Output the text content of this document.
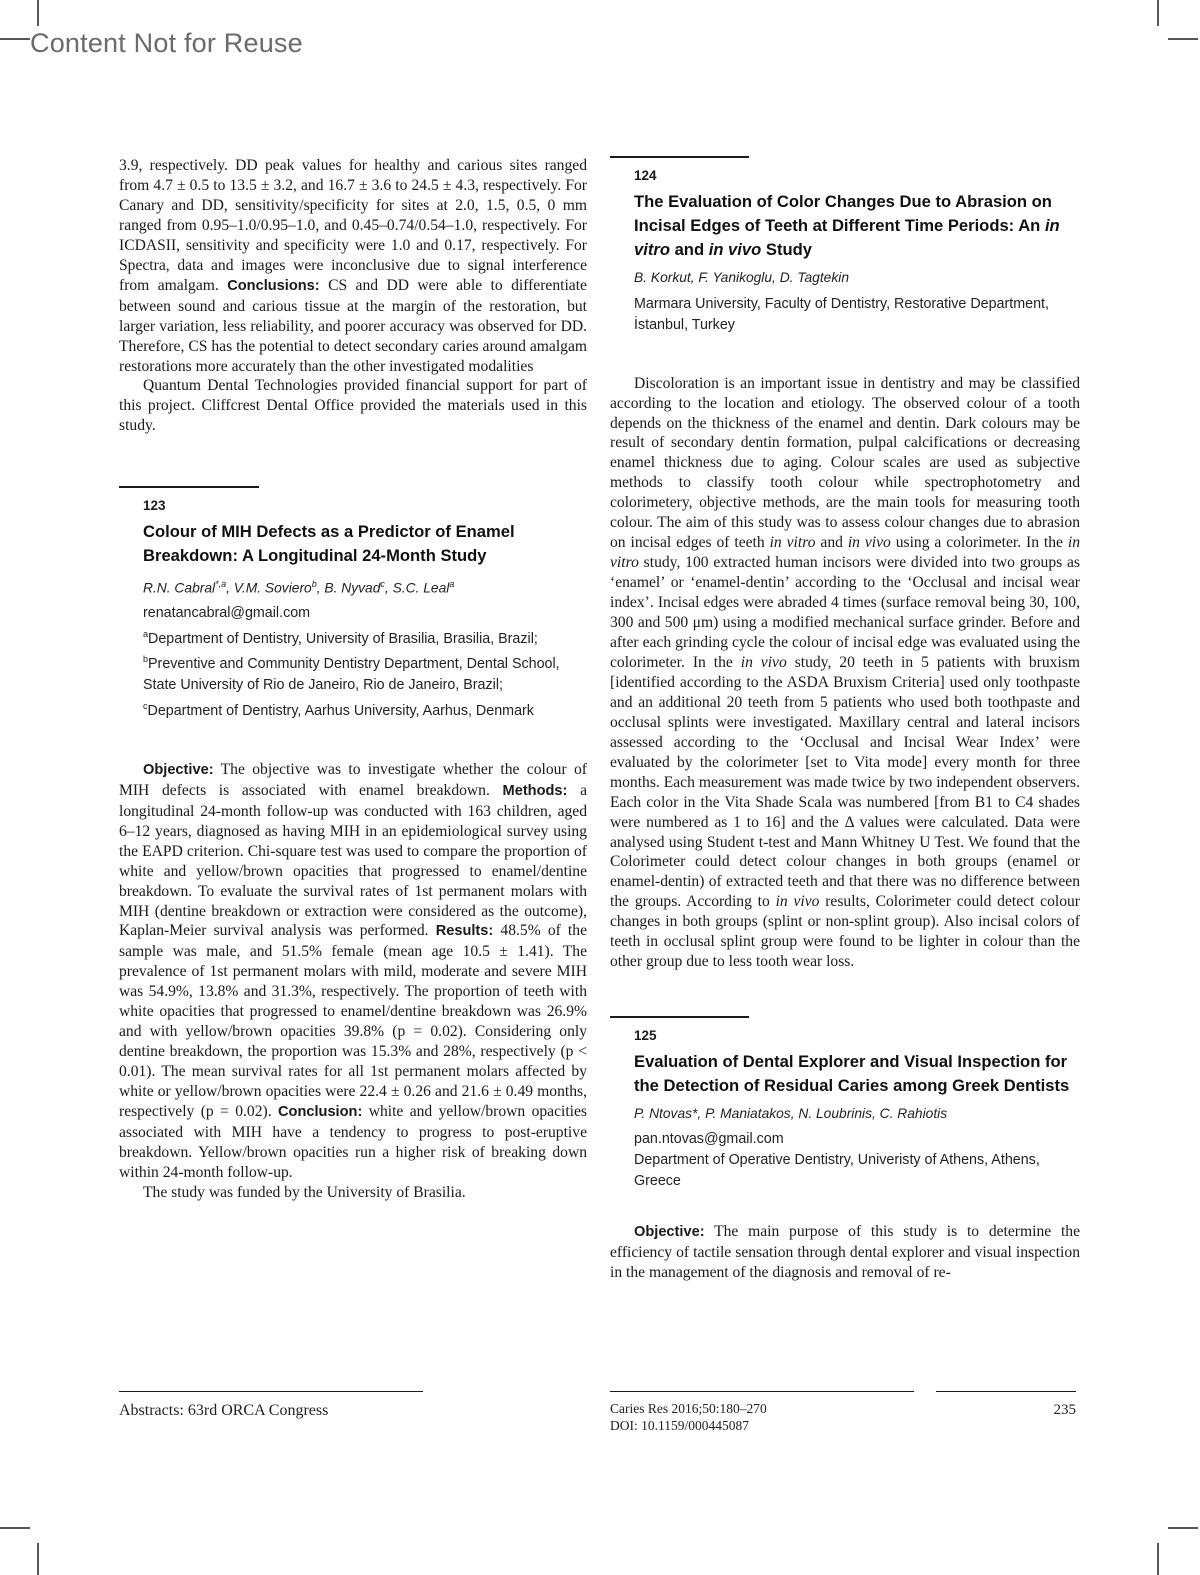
Content Not for Reuse

3.9, respectively. DD peak values for healthy and carious sites ranged from 4.7 ± 0.5 to 13.5 ± 3.2, and 16.7 ± 3.6 to 24.5 ± 4.3, respectively. For Canary and DD, sensitivity/specificity for sites at 2.0, 1.5, 0.5, 0 mm ranged from 0.95–1.0/0.95–1.0, and 0.45–0.74/0.54–1.0, respectively. For ICDASII, sensitivity and specificity were 1.0 and 0.17, respectively. For Spectra, data and images were inconclusive due to signal interference from amalgam. Conclusions: CS and DD were able to differentiate between sound and carious tissue at the margin of the restoration, but larger variation, less reliability, and poorer accuracy was observed for DD. Therefore, CS has the potential to detect secondary caries around amalgam restorations more accurately than the other investigated modalities

Quantum Dental Technologies provided financial support for part of this project. Cliffcrest Dental Office provided the materials used in this study.

123
Colour of MIH Defects as a Predictor of Enamel Breakdown: A Longitudinal 24-Month Study
R.N. Cabral$^{*,a}$, V.M. Soviero$^b$, B. Nyvad$^c$, S.C. Leal$^a$
renatancabral@gmail.com
$^a$Department of Dentistry, University of Brasilia, Brasilia, Brazil;
$^b$Preventive and Community Dentistry Department, Dental School, State University of Rio de Janeiro, Rio de Janeiro, Brazil;
$^c$Department of Dentistry, Aarhus University, Aarhus, Denmark

Objective: The objective was to investigate whether the colour of MIH defects is associated with enamel breakdown. Methods: a longitudinal 24-month follow-up was conducted with 163 children, aged 6–12 years, diagnosed as having MIH in an epidemiological survey using the EAPD criterion. Chi-square test was used to compare the proportion of white and yellow/brown opacities that progressed to enamel/dentine breakdown. To evaluate the survival rates of 1st permanent molars with MIH (dentine breakdown or extraction were considered as the outcome), Kaplan-Meier survival analysis was performed. Results: 48.5% of the sample was male, and 51.5% female (mean age 10.5 ± 1.41). The prevalence of 1st permanent molars with mild, moderate and severe MIH was 54.9%, 13.8% and 31.3%, respectively. The proportion of teeth with white opacities that progressed to enamel/dentine breakdown was 26.9% and with yellow/brown opacities 39.8% (p = 0.02). Considering only dentine breakdown, the proportion was 15.3% and 28%, respectively (p < 0.01). The mean survival rates for all 1st permanent molars affected by white or yellow/brown opacities were 22.4 ± 0.26 and 21.6 ± 0.49 months, respectively (p = 0.02). Conclusion: white and yellow/brown opacities associated with MIH have a tendency to progress to post-eruptive breakdown. Yellow/brown opacities run a higher risk of breaking down within 24-month follow-up.

The study was funded by the University of Brasilia.

124
The Evaluation of Color Changes Due to Abrasion on Incisal Edges of Teeth at Different Time Periods: An in vitro and in vivo Study
B. Korkut, F. Yanikoglu, D. Tagtekin
Marmara University, Faculty of Dentistry, Restorative Department, İstanbul, Turkey

Discoloration is an important issue in dentistry and may be classified according to the location and etiology. The observed colour of a tooth depends on the thickness of the enamel and dentin. Dark colours may be result of secondary dentin formation, pulpal calcifications or decreasing enamel thickness due to aging. Colour scales are used as subjective methods to classify tooth colour while spectrophotometry and colorimetery, objective methods, are the main tools for measuring tooth colour. The aim of this study was to assess colour changes due to abrasion on incisal edges of teeth in vitro and in vivo using a colorimeter. In the in vitro study, 100 extracted human incisors were divided into two groups as ‘enamel’ or ‘enamel-dentin’ according to the ‘Occlusal and incisal wear index’. Incisal edges were abraded 4 times (surface removal being 30, 100, 300 and 500 μm) using a modified mechanical surface grinder. Before and after each grinding cycle the colour of incisal edge was evaluated using the colorimeter. In the in vivo study, 20 teeth in 5 patients with bruxism [identified according to the ASDA Bruxism Criteria] used only toothpaste and an additional 20 teeth from 5 patients who used both toothpaste and occlusal splints were investigated. Maxillary central and lateral incisors assessed according to the ‘Occlusal and Incisal Wear Index’ were evaluated by the colorimeter [set to Vita mode] every month for three months. Each measurement was made twice by two independent observers. Each color in the Vita Shade Scala was numbered [from B1 to C4 shades were numbered as 1 to 16] and the Δ values were calculated. Data were analysed using Student t-test and Mann Whitney U Test. We found that the Colorimeter could detect colour changes in both groups (enamel or enamel-dentin) of extracted teeth and that there was no difference between the groups. According to in vivo results, Colorimeter could detect colour changes in both groups (splint or non-splint group). Also incisal colors of teeth in occlusal splint group were found to be lighter in colour than the other group due to less tooth wear loss.

125
Evaluation of Dental Explorer and Visual Inspection for the Detection of Residual Caries among Greek Dentists
P. Ntovas*, P. Maniatakos, N. Loubrinis, C. Rahiotis
pan.ntovas@gmail.com
Department of Operative Dentistry, Univeristy of Athens, Athens, Greece

Objective: The main purpose of this study is to determine the efficiency of tactile sensation through dental explorer and visual inspection in the management of the diagnosis and removal of re-

Abstracts: 63rd ORCA Congress	Caries Res 2016;50:180–270
DOI: 10.1159/000445087
235
